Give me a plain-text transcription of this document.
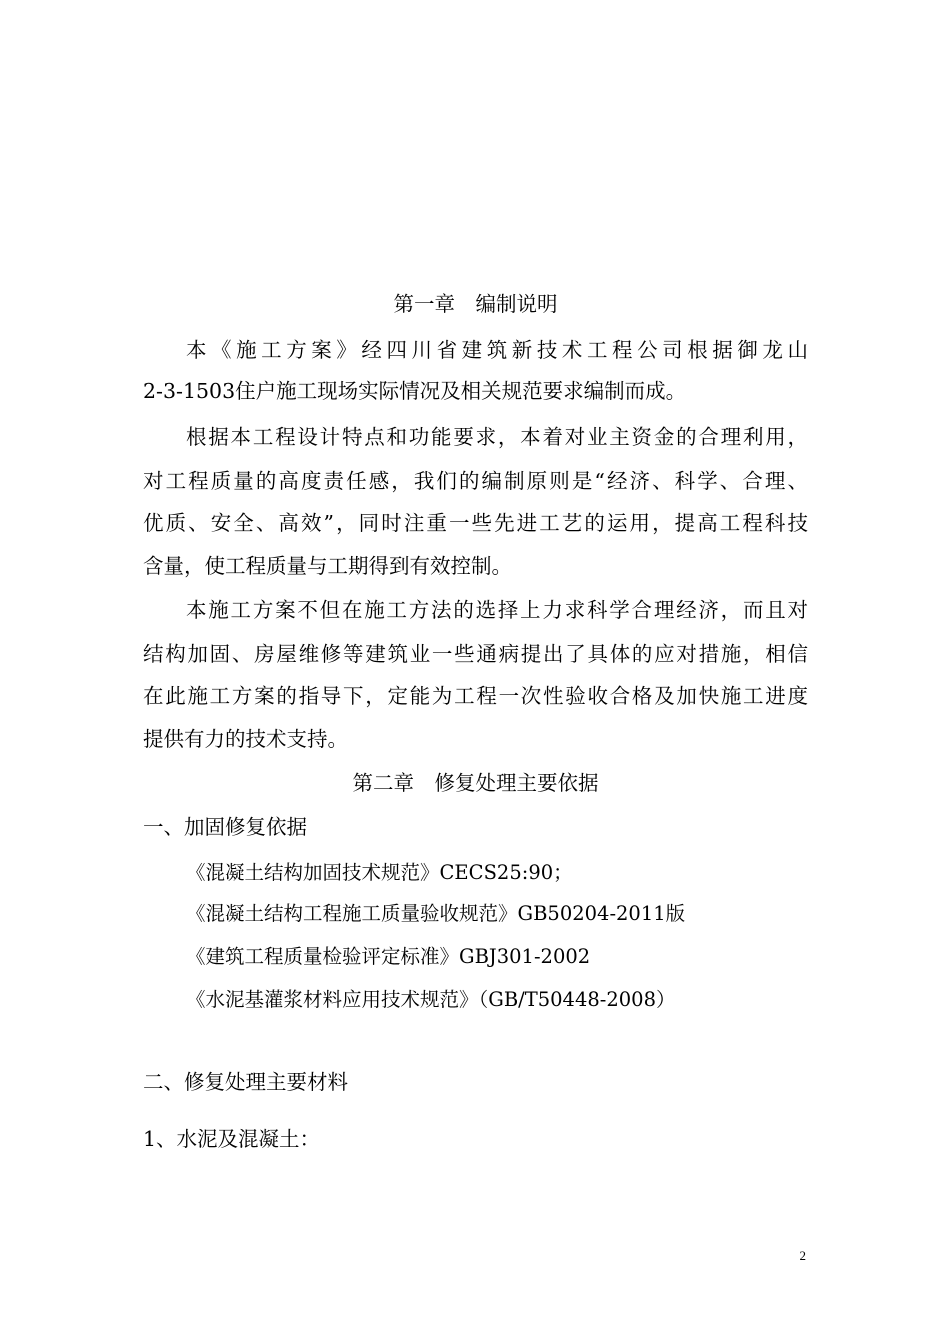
第一章　编制说明
本《施工方案》经四川省建筑新技术工程公司根据御龙山
2-3-1503住户施工现场实际情况及相关规范要求编制而成。
根据本工程设计特点和功能要求，本着对业主资金的合理利用，
对工程质量的高度责任感，我们的编制原则是“经济、科学、合理、
优质、安全、高效”，同时注重一些先进工艺的运用，提高工程科技
含量，使工程质量与工期得到有效控制。
本施工方案不但在施工方法的选择上力求科学合理经济，而且对
结构加固、房屋维修等建筑业一些通病提出了具体的应对措施，相信
在此施工方案的指导下，定能为工程一次性验收合格及加快施工进度
提供有力的技术支持。
第二章　修复处理主要依据
一、加固修复依据
《混凝土结构加固技术规范》CECS25:90；
《混凝土结构工程施工质量验收规范》GB50204-2011版
《建筑工程质量检验评定标准》GBJ301-2002
《水泥基灌浆材料应用技术规范》（GB/T50448-2008）
二、修复处理主要材料
1、水泥及混凝土：
2
